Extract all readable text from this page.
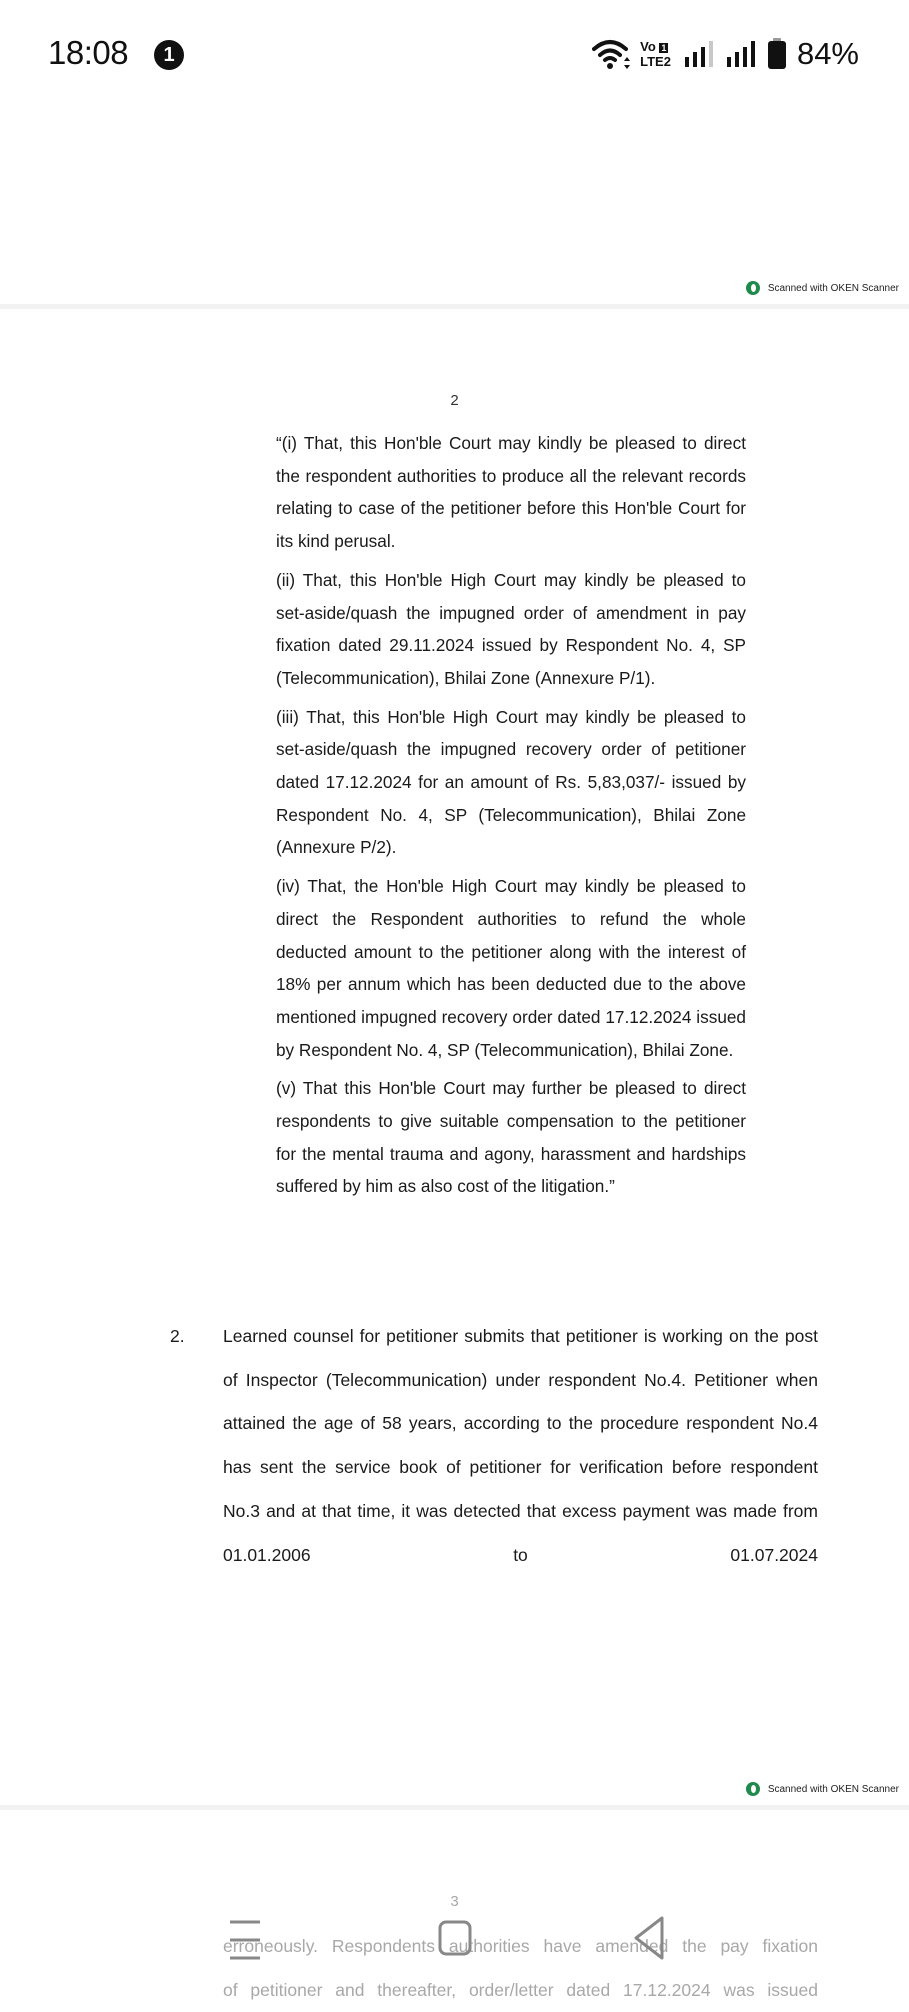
18:08	1	Vo 1
LTE2	84%
Scanned with OKEN Scanner
2

“(i) That, this Hon'ble Court may kindly be pleased to direct the respondent authorities to produce all the relevant records relating to case of the petitioner before this Hon'ble Court for its kind perusal.

(ii) That, this Hon'ble High Court may kindly be pleased to set-aside/quash the impugned order of amendment in pay fixation dated 29.11.2024 issued by Respondent No. 4, SP (Telecommunication), Bhilai Zone (Annexure P/1).

(iii) That, this Hon'ble High Court may kindly be pleased to set-aside/quash the impugned recovery order of petitioner dated 17.12.2024 for an amount of Rs. 5,83,037/- issued by Respondent No. 4, SP (Telecommunication), Bhilai Zone (Annexure P/2).

(iv) That, the Hon'ble High Court may kindly be pleased to direct the Respondent authorities to refund the whole deducted amount to the petitioner along with the interest of 18% per annum which has been deducted due to the above mentioned impugned recovery order dated 17.12.2024 issued by Respondent No. 4, SP (Telecommunication), Bhilai Zone.

(v) That this Hon'ble Court may further be pleased to direct respondents to give suitable compensation to the petitioner for the mental trauma and agony, harassment and hardships suffered by him as also cost of the litigation.”

2. Learned counsel for petitioner submits that petitioner is working on the post of Inspector (Telecommunication) under respondent No.4. Petitioner when attained the age of 58 years, according to the procedure respondent No.4 has sent the service book of petitioner for verification before respondent No.3 and at that time, it was detected that excess payment was made from 01.01.2006 to 01.07.2024
Scanned with OKEN Scanner
3
erroneously. Respondents authorities have amended the pay fixation
of petitioner and thereafter, order/letter dated 17.12.2024 was issued
